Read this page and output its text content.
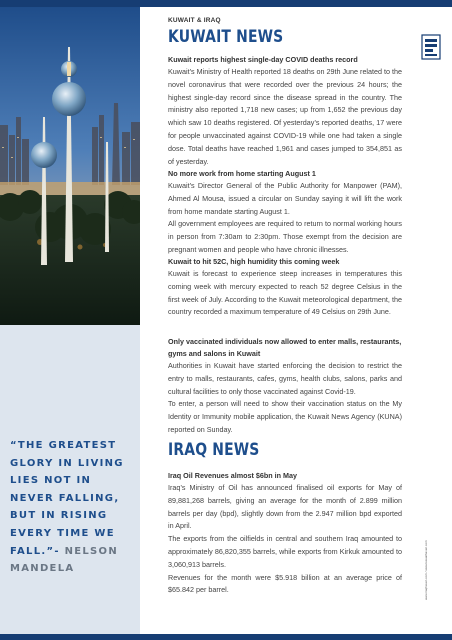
“THE GREATEST GLORY IN LIVING LIES NOT IN NEVER FALLING, BUT IN RISING EVERY TIME WE FALL.”- NELSON MANDELA

KUWAIT & IRAQ
KUWAIT NEWS

Kuwait reports highest single-day COVID deaths record

Kuwait’s Ministry of Health reported 18 deaths on 29th June related to the novel coronavirus that were recorded over the previous 24 hours; the highest single-day record since the disease spread in the country. The ministry also reported 1,718 new cases; up from 1,652 the previous day which saw 10 deaths registered. Of yesterday’s reported deaths, 17 were for people unvaccinated against COVID-19 while one had taken a single dose. Total deaths have reached 1,961 and cases jumped to 354,851 as of yesterday.

No more work from home starting August 1

Kuwait’s Director General of the Public Authority for Manpower (PAM), Ahmed Al Mousa, issued a circular on Sunday saying it will lift the work from home mandate starting August 1.

All government employees are required to return to normal working hours in person from 7:30am to 2:30pm. Those exempt from the decision are pregnant women and people who have chronic illnesses.

Kuwait to hit 52C, high humidity this coming week

Kuwait is forecast to experience steep increases in temperatures this coming week with mercury expected to reach 52 degree Celsius in the first week of July. According to the Kuwait meteorological department, the country recorded a maximum temperature of 49 Celsius on 29th June.

Only vaccinated individuals now allowed to enter malls, restaurants, gyms and salons in Kuwait

Authorities in Kuwait have started enforcing the decision to restrict the entry to malls, restaurants, cafes, gyms, health clubs, salons, parks and cultural facilities to only those vaccinated against Covid-19.

To enter, a person will need to show their vaccination status on the My Identity or Immunity mobile application, the Kuwait News Agency (KUNA) reported on Sunday.

IRAQ NEWS

Iraq Oil Revenues almost $6bn in May

Iraq’s Ministry of Oil has announced finalised oil exports for May of 89,881,268 barrels, giving an average for the month of 2.899 million barrels per day (bpd), slightly down from the 2.947 million bpd exported in April.

The exports from the oilfields in central and southern Iraq amounted to approximately 86,820,355 barrels, while exports from Kirkuk amounted to 3,060,913 barrels.

Revenues for the month were $5.918 billion at an average price of $65.842 per barrel.	www.iraqhaven.com / www.kuwaithaven.com
